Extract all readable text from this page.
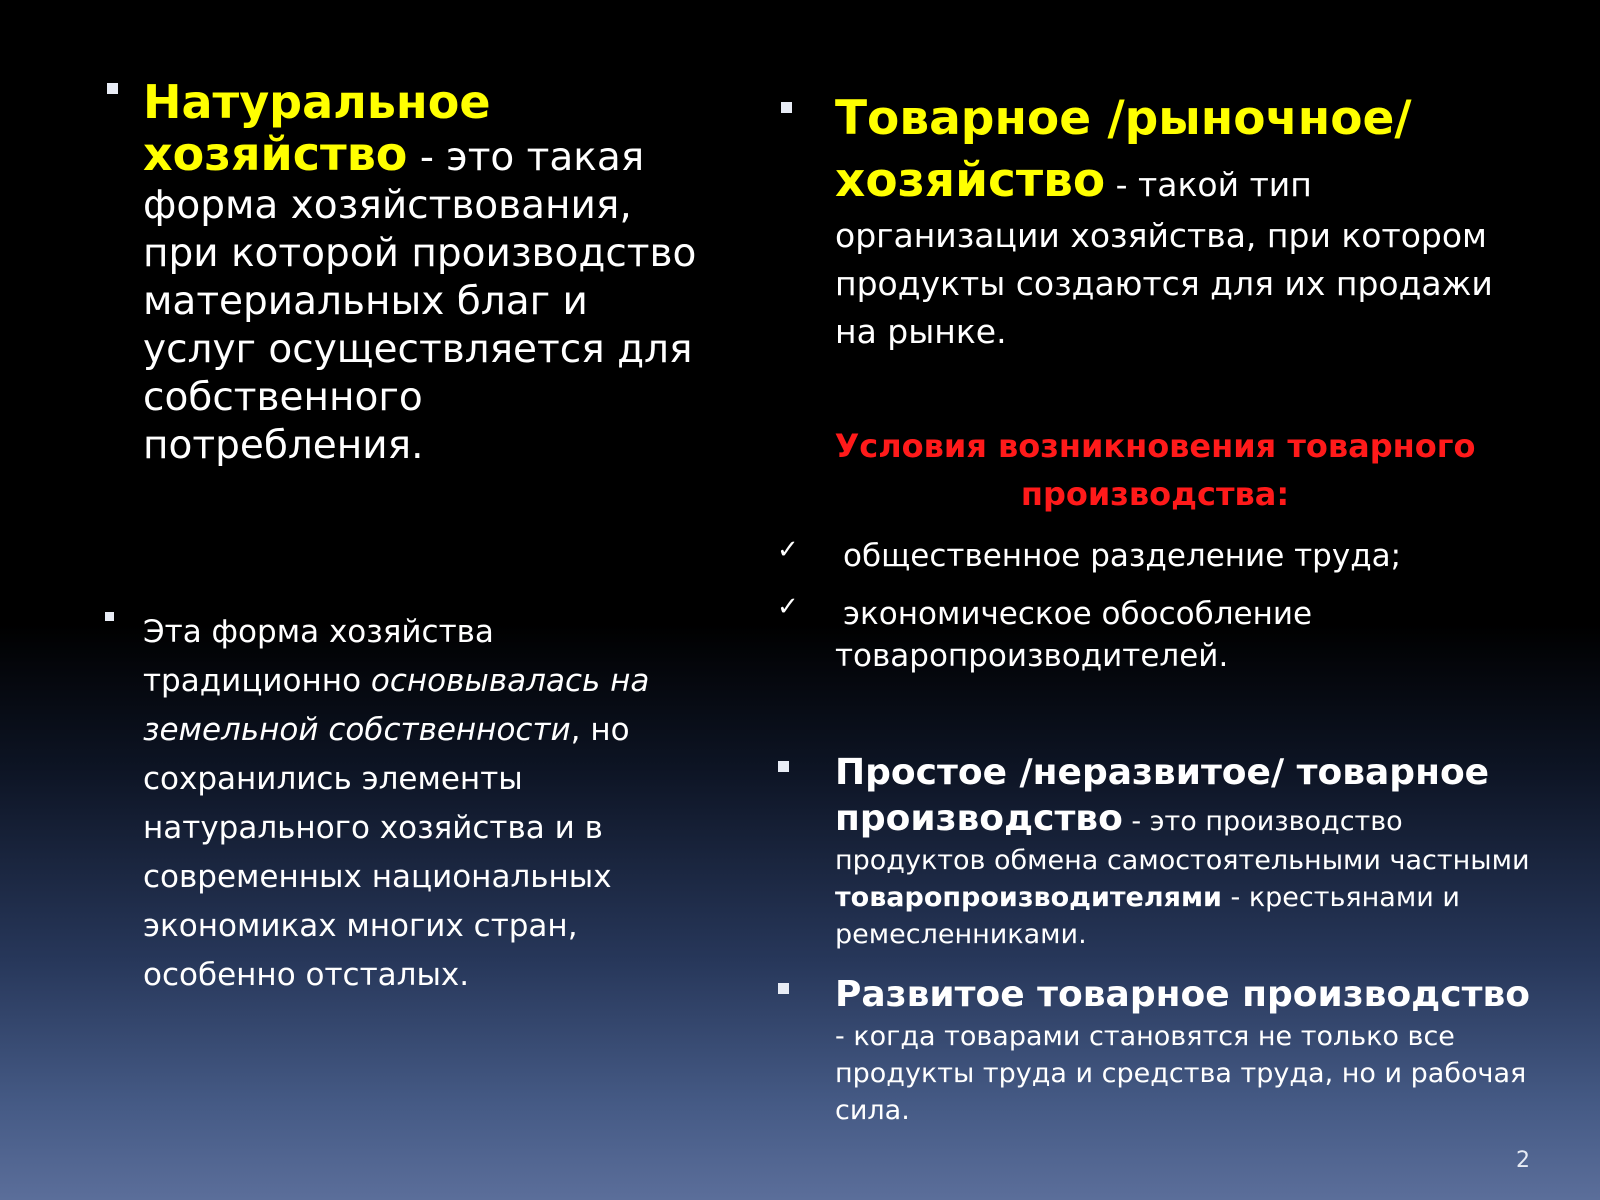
Натуральное хозяйство - это такая форма хозяйствования, при которой производство материальных благ и услуг осуществляется для собственного потребления.
Эта форма хозяйства традиционно основывалась на земельной собственности, но сохранились элементы натурального хозяйства и в современных национальных экономиках многих стран, особенно отсталых.
Товарное /рыночное/ хозяйство - такой тип организации хозяйства, при котором продукты создаются для их продажи на рынке.
Условия возникновения товарного производства:
✓ общественное разделение труда;
✓ экономическое обособление товаропроизводителей.
Простое /неразвитое/ товарное производство - это производство продуктов обмена самостоятельными частными товаропроизводителями - крестьянами и ремесленниками.
Развитое товарное производство
- когда товарами становятся не только все продукты труда и средства труда, но и рабочая сила.
2
